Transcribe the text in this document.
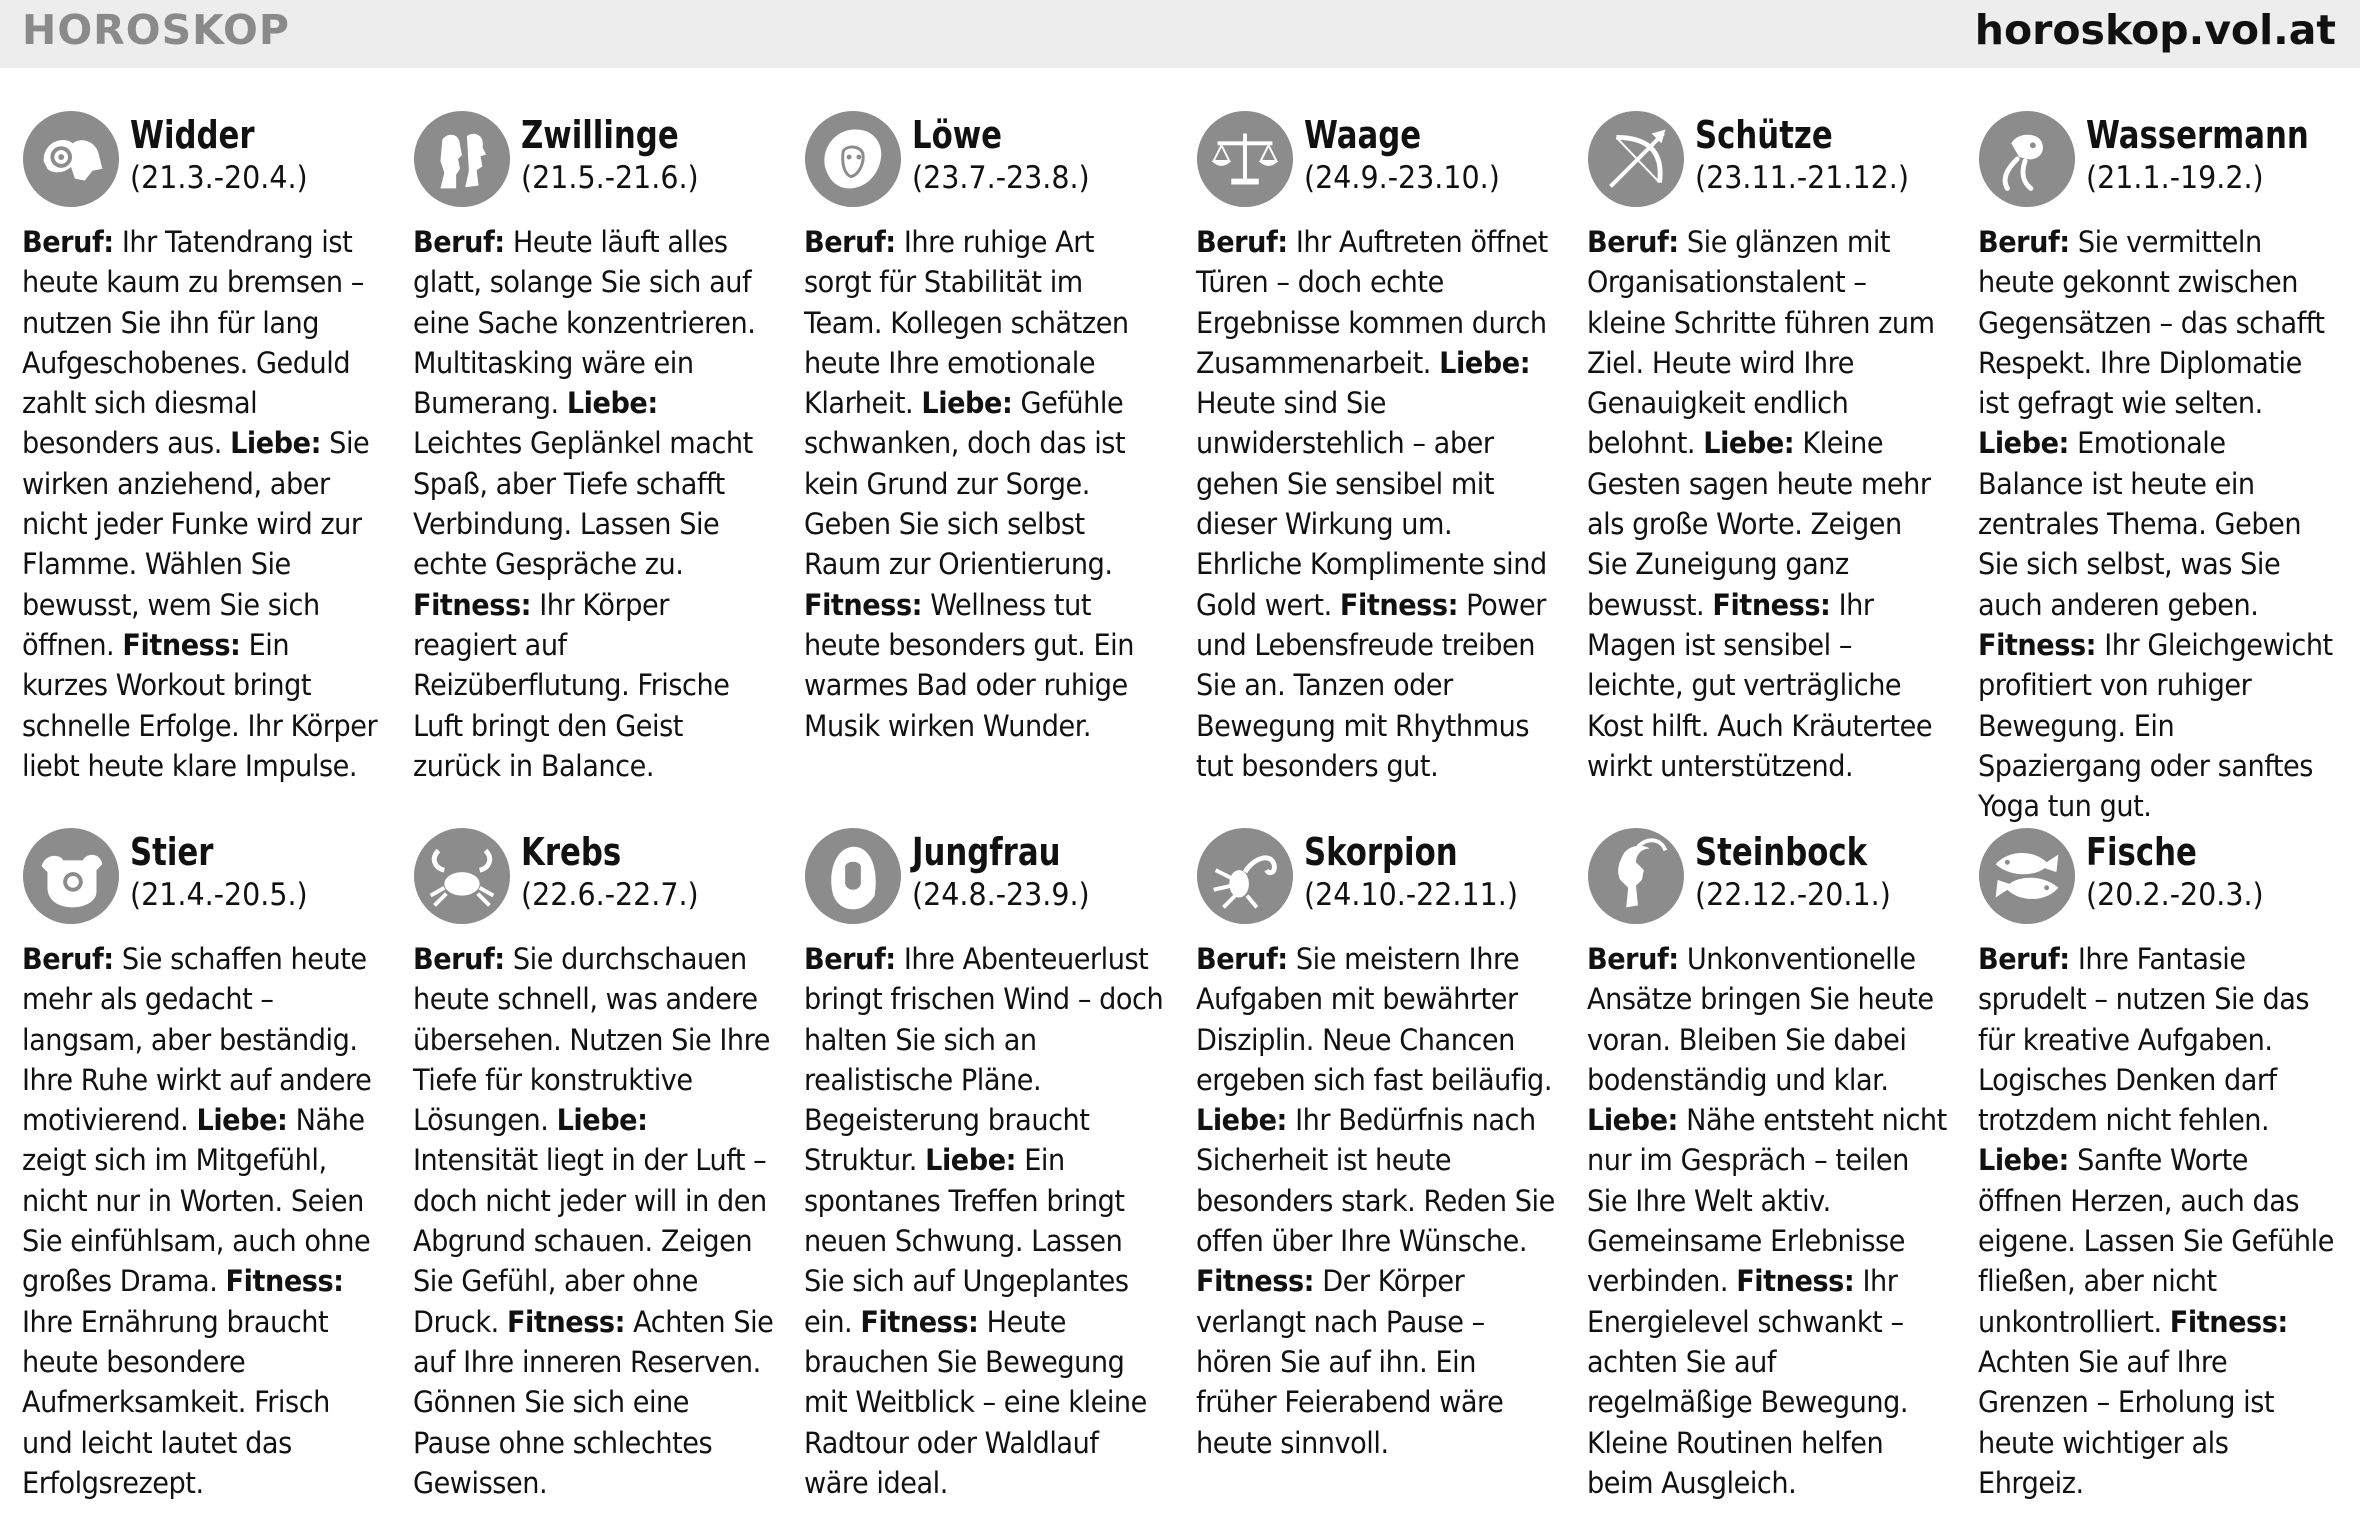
HOROSKOP	horoskop.vol.at
Widder
(21.3.-20.4.)
Beruf: Ihr Tatendrang ist heute kaum zu bremsen – nutzen Sie ihn für lang Aufgeschobenes. Geduld zahlt sich diesmal besonders aus. Liebe: Sie wirken anziehend, aber nicht jeder Funke wird zur Flamme. Wählen Sie bewusst, wem Sie sich öffnen. Fitness: Ein kurzes Workout bringt schnelle Erfolge. Ihr Körper liebt heute klare Impulse.
Zwillinge
(21.5.-21.6.)
Beruf: Heute läuft alles glatt, solange Sie sich auf eine Sache konzentrieren. Multitasking wäre ein Bumerang. Liebe: Leichtes Geplänkel macht Spaß, aber Tiefe schafft Verbindung. Lassen Sie echte Gespräche zu. Fitness: Ihr Körper reagiert auf Reizüberflutung. Frische Luft bringt den Geist zurück in Balance.
Löwe
(23.7.-23.8.)
Beruf: Ihre ruhige Art sorgt für Stabilität im Team. Kollegen schätzen heute Ihre emotionale Klarheit. Liebe: Gefühle schwanken, doch das ist kein Grund zur Sorge. Geben Sie sich selbst Raum zur Orientierung. Fitness: Wellness tut heute besonders gut. Ein warmes Bad oder ruhige Musik wirken Wunder.
Waage
(24.9.-23.10.)
Beruf: Ihr Auftreten öffnet Türen – doch echte Ergebnisse kommen durch Zusammenarbeit. Liebe: Heute sind Sie unwiderstehlich – aber gehen Sie sensibel mit dieser Wirkung um. Ehrliche Komplimente sind Gold wert. Fitness: Power und Lebensfreude treiben Sie an. Tanzen oder Bewegung mit Rhythmus tut besonders gut.
Schütze
(23.11.-21.12.)
Beruf: Sie glänzen mit Organisationstalent – kleine Schritte führen zum Ziel. Heute wird Ihre Genauigkeit endlich belohnt. Liebe: Kleine Gesten sagen heute mehr als große Worte. Zeigen Sie Zuneigung ganz bewusst. Fitness: Ihr Magen ist sensibel – leichte, gut verträgliche Kost hilft. Auch Kräutertee wirkt unterstützend.
Wassermann
(21.1.-19.2.)
Beruf: Sie vermitteln heute gekonnt zwischen Gegensätzen – das schafft Respekt. Ihre Diplomatie ist gefragt wie selten. Liebe: Emotionale Balance ist heute ein zentrales Thema. Geben Sie sich selbst, was Sie auch anderen geben. Fitness: Ihr Gleichgewicht profitiert von ruhiger Bewegung. Ein Spaziergang oder sanftes Yoga tun gut.
Stier
(21.4.-20.5.)
Beruf: Sie schaffen heute mehr als gedacht – langsam, aber beständig. Ihre Ruhe wirkt auf andere motivierend. Liebe: Nähe zeigt sich im Mitgefühl, nicht nur in Worten. Seien Sie einfühlsam, auch ohne großes Drama. Fitness: Ihre Ernährung braucht heute besondere Aufmerksamkeit. Frisch und leicht lautet das Erfolgsrezept.
Krebs
(22.6.-22.7.)
Beruf: Sie durchschauen heute schnell, was andere übersehen. Nutzen Sie Ihre Tiefe für konstruktive Lösungen. Liebe: Intensität liegt in der Luft – doch nicht jeder will in den Abgrund schauen. Zeigen Sie Gefühl, aber ohne Druck. Fitness: Achten Sie auf Ihre inneren Reserven. Gönnen Sie sich eine Pause ohne schlechtes Gewissen.
Jungfrau
(24.8.-23.9.)
Beruf: Ihre Abenteuerlust bringt frischen Wind – doch halten Sie sich an realistische Pläne. Begeisterung braucht Struktur. Liebe: Ein spontanes Treffen bringt neuen Schwung. Lassen Sie sich auf Ungeplantes ein. Fitness: Heute brauchen Sie Bewegung mit Weitblick – eine kleine Radtour oder Waldlauf wäre ideal.
Skorpion
(24.10.-22.11.)
Beruf: Sie meistern Ihre Aufgaben mit bewährter Disziplin. Neue Chancen ergeben sich fast beiläufig. Liebe: Ihr Bedürfnis nach Sicherheit ist heute besonders stark. Reden Sie offen über Ihre Wünsche. Fitness: Der Körper verlangt nach Pause – hören Sie auf ihn. Ein früher Feierabend wäre heute sinnvoll.
Steinbock
(22.12.-20.1.)
Beruf: Unkonventionelle Ansätze bringen Sie heute voran. Bleiben Sie dabei bodenständig und klar. Liebe: Nähe entsteht nicht nur im Gespräch – teilen Sie Ihre Welt aktiv. Gemeinsame Erlebnisse verbinden. Fitness: Ihr Energielevel schwankt – achten Sie auf regelmäßige Bewegung. Kleine Routinen helfen beim Ausgleich.
Fische
(20.2.-20.3.)
Beruf: Ihre Fantasie sprudelt – nutzen Sie das für kreative Aufgaben. Logisches Denken darf trotzdem nicht fehlen. Liebe: Sanfte Worte öffnen Herzen, auch das eigene. Lassen Sie Gefühle fließen, aber nicht unkontrolliert. Fitness: Achten Sie auf Ihre Grenzen – Erholung ist heute wichtiger als Ehrgeiz.
